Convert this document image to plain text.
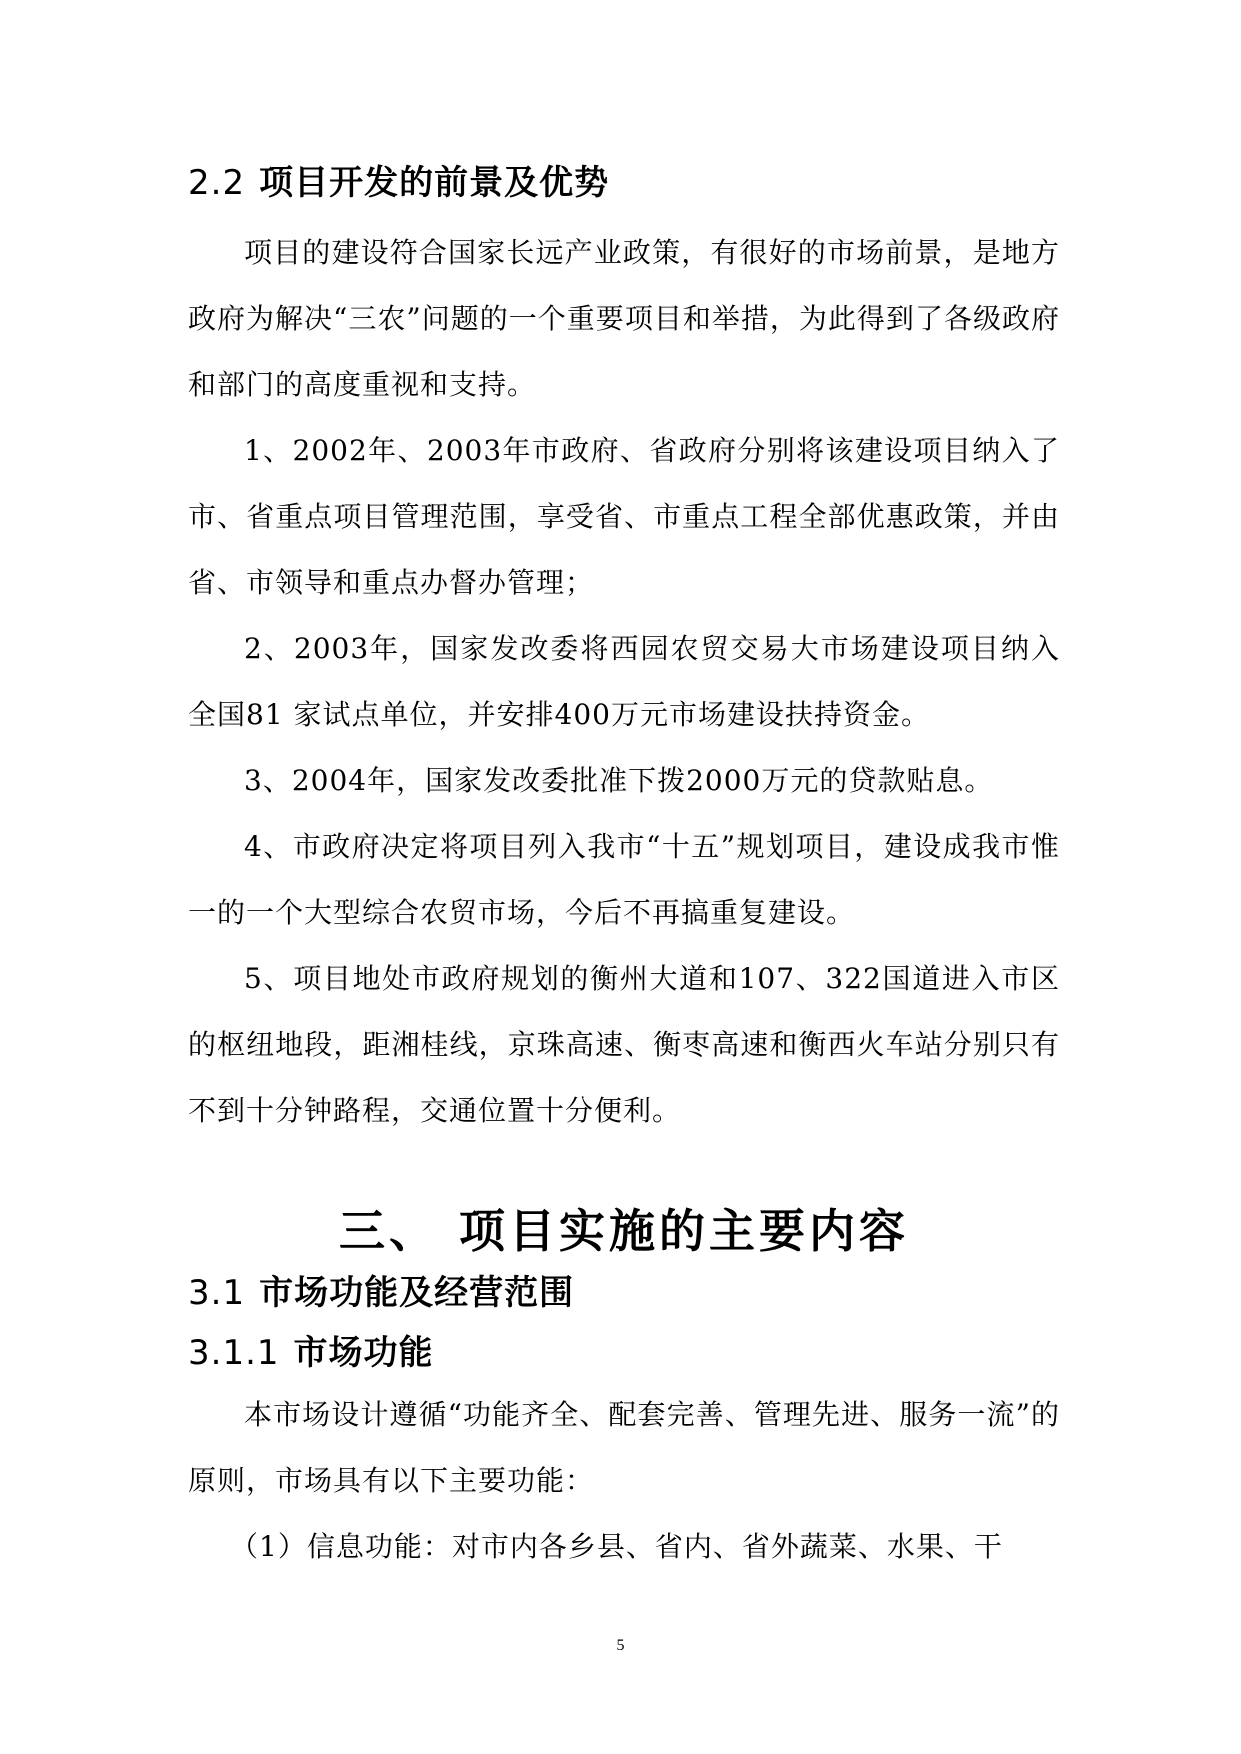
2.2 项目开发的前景及优势

项目的建设符合国家长远产业政策，有很好的市场前景，是地方政府为解决“三农”问题的一个重要项目和举措，为此得到了各级政府和部门的高度重视和支持。

1、2002年、2003年市政府、省政府分别将该建设项目纳入了市、省重点项目管理范围，享受省、市重点工程全部优惠政策，并由省、市领导和重点办督办管理；

2、2003年，国家发改委将西园农贸交易大市场建设项目纳入全国81 家试点单位，并安排400万元市场建设扶持资金。

3、2004年，国家发改委批准下拨2000万元的贷款贴息。

4、市政府决定将项目列入我市“十五”规划项目，建设成我市惟一的一个大型综合农贸市场，今后不再搞重复建设。

5、项目地处市政府规划的衡州大道和107、322国道进入市区的枢纽地段，距湘桂线，京珠高速、衡枣高速和衡西火车站分别只有不到十分钟路程，交通位置十分便利。

三、 项目实施的主要内容
3.1 市场功能及经营范围
3.1.1 市场功能

本市场设计遵循“功能齐全、配套完善、管理先进、服务一流”的原则，市场具有以下主要功能：

（1）信息功能：对市内各乡县、省内、省外蔬菜、水果、干

5
